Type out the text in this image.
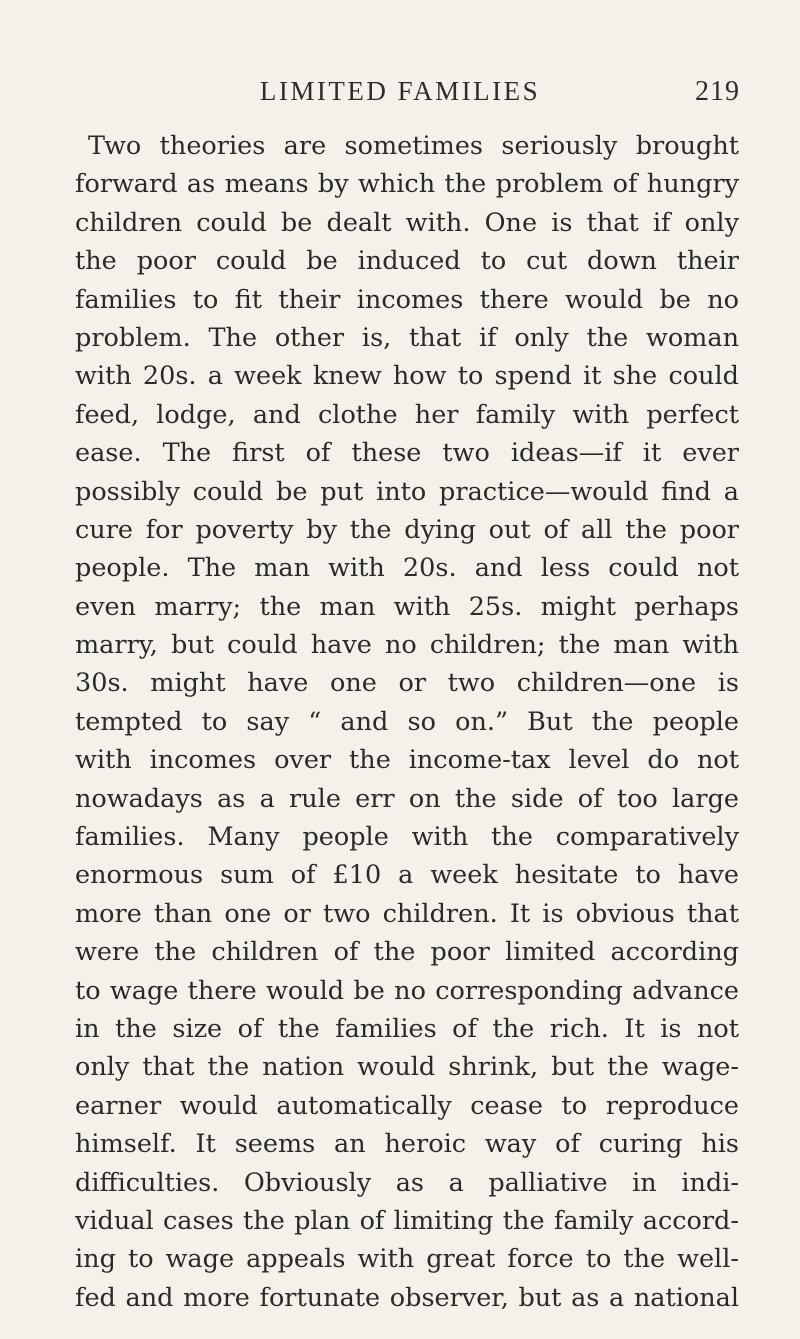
LIMITED FAMILIES	219
Two theories are sometimes seriously brought
forward as means by which the problem of hungry
children could be dealt with. One is that if only
the poor could be induced to cut down their
families to fit their incomes there would be no
problem. The other is, that if only the woman
with 20s. a week knew how to spend it she could
feed, lodge, and clothe her family with perfect
ease. The first of these two ideas—if it ever
possibly could be put into practice—would find a
cure for poverty by the dying out of all the poor
people. The man with 20s. and less could not
even marry; the man with 25s. might perhaps
marry, but could have no children; the man with
30s. might have one or two children—one is
tempted to say “ and so on.” But the people
with incomes over the income-tax level do not
nowadays as a rule err on the side of too large
families. Many people with the comparatively
enormous sum of £10 a week hesitate to have
more than one or two children. It is obvious that
were the children of the poor limited according
to wage there would be no corresponding advance
in the size of the families of the rich. It is not
only that the nation would shrink, but the wage-
earner would automatically cease to reproduce
himself. It seems an heroic way of curing his
difficulties. Obviously as a palliative in indi-
vidual cases the plan of limiting the family accord-
ing to wage appeals with great force to the well-
fed and more fortunate observer, but as a national
